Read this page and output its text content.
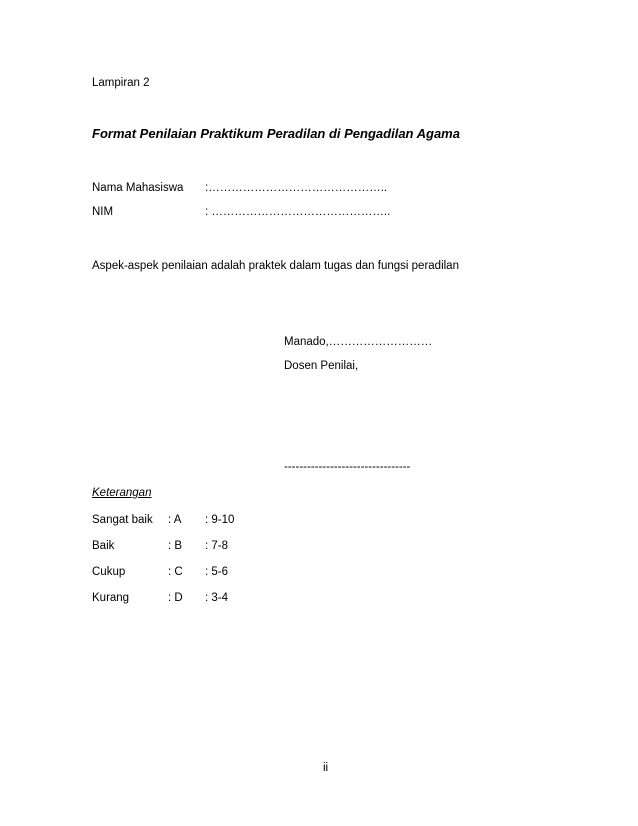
Lampiran 2
Format Penilaian Praktikum Peradilan di Pengadilan Agama
Nama Mahasiswa :………………………………………..
NIM	: ………………………………………..
Aspek-aspek penilaian adalah praktek dalam tugas dan fungsi peradilan
Manado,………………………
Dosen Penilai,
---------------------------------
Keterangan
Sangat baik : A : 9-10
Baik	: B : 7-8
Cukup	: C : 5-6
Kurang	: D : 3-4
ii
